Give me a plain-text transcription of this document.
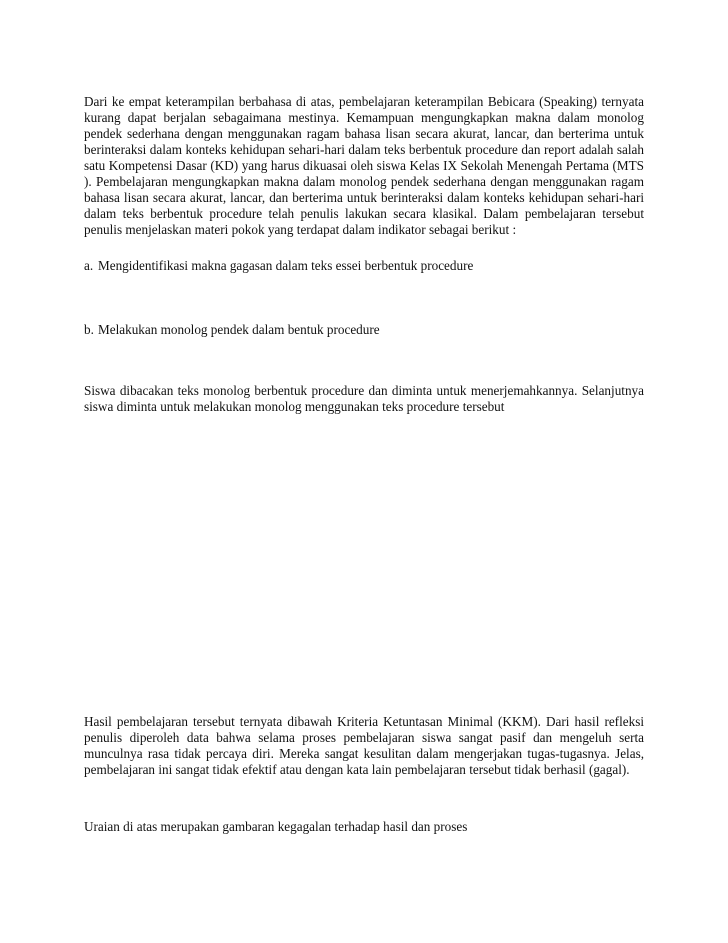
Dari ke empat keterampilan berbahasa di atas, pembelajaran keterampilan Bebicara (Speaking) ternyata kurang dapat berjalan sebagaimana mestinya. Kemampuan mengungkapkan makna dalam monolog pendek sederhana dengan menggunakan ragam bahasa lisan secara akurat, lancar, dan berterima untuk berinteraksi dalam konteks kehidupan sehari-hari dalam teks berbentuk procedure dan report adalah salah satu Kompetensi Dasar (KD) yang harus dikuasai oleh siswa Kelas IX Sekolah Menengah Pertama (MTS ). Pembelajaran mengungkapkan makna dalam monolog pendek sederhana dengan menggunakan ragam bahasa lisan secara akurat, lancar, dan berterima untuk berinteraksi dalam konteks kehidupan sehari-hari dalam teks berbentuk procedure telah penulis lakukan secara klasikal. Dalam pembelajaran tersebut penulis menjelaskan materi pokok yang terdapat dalam indikator sebagai berikut :

a. Mengidentifikasi makna gagasan dalam teks essei berbentuk procedure

b. Melakukan monolog pendek dalam bentuk procedure

Siswa dibacakan teks monolog berbentuk procedure dan diminta untuk menerjemahkannya. Selanjutnya siswa diminta untuk melakukan monolog menggunakan teks procedure tersebut

Hasil pembelajaran tersebut ternyata dibawah Kriteria Ketuntasan Minimal (KKM). Dari hasil refleksi penulis diperoleh data bahwa selama proses pembelajaran siswa sangat pasif dan mengeluh serta munculnya rasa tidak percaya diri. Mereka sangat kesulitan dalam mengerjakan tugas-tugasnya. Jelas, pembelajaran ini sangat tidak efektif atau dengan kata lain pembelajaran tersebut tidak berhasil (gagal).

Uraian di atas merupakan gambaran kegagalan terhadap hasil dan proses
